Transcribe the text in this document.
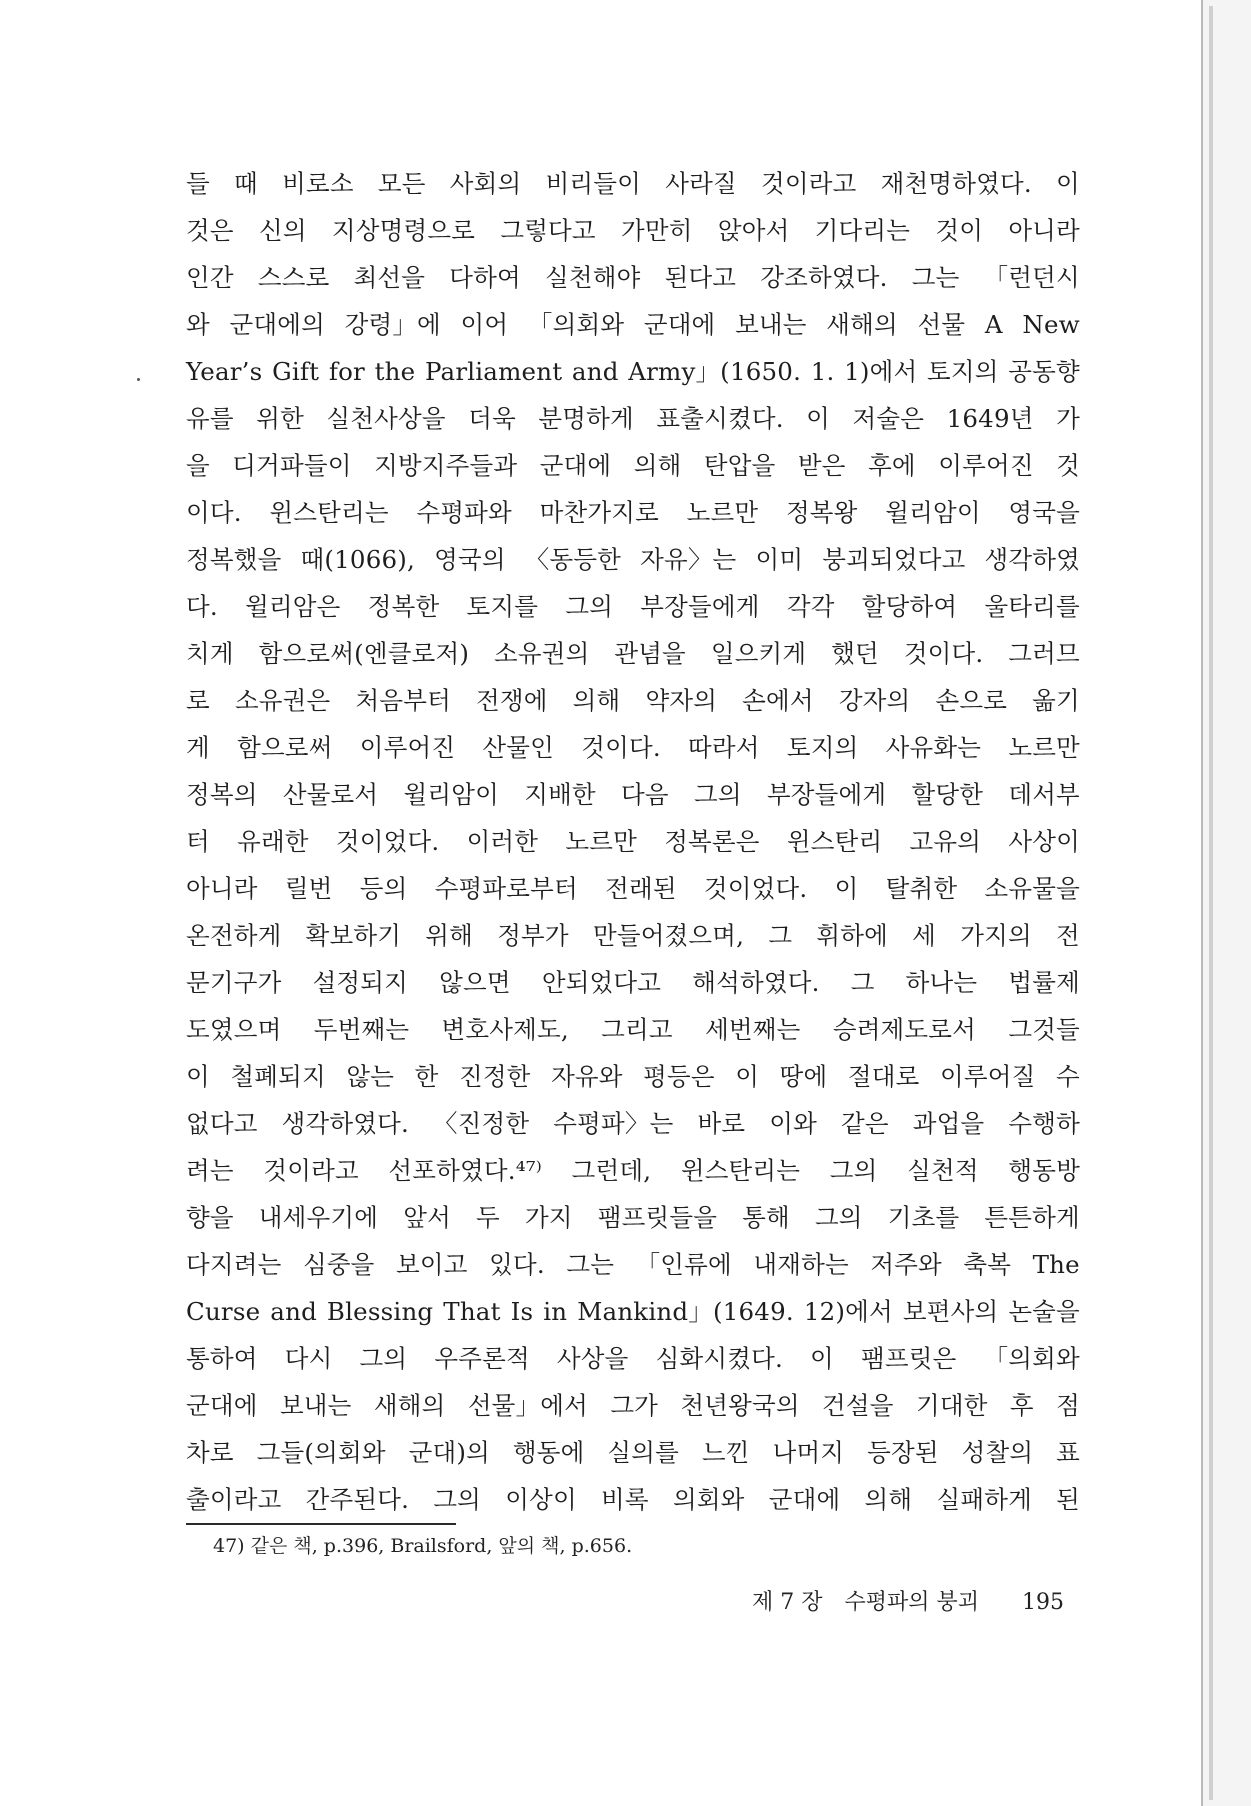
들 때 비로소 모든 사회의 비리들이 사라질 것이라고 재천명하였다. 이
것은 신의 지상명령으로 그렇다고 가만히 앉아서 기다리는 것이 아니라
인간 스스로 최선을 다하여 실천해야 된다고 강조하였다. 그는 「런던시
와 군대에의 강령」에 이어 「의회와 군대에 보내는 새해의 선물 A New
Year’s Gift for the Parliament and Army」(1650. 1. 1)에서 토지의 공동향
유를 위한 실천사상을 더욱 분명하게 표출시켰다. 이 저술은 1649년 가
을 디거파들이 지방지주들과 군대에 의해 탄압을 받은 후에 이루어진 것
이다. 윈스탄리는 수평파와 마찬가지로 노르만 정복왕 윌리암이 영국을
정복했을 때(1066), 영국의 〈동등한 자유〉는 이미 붕괴되었다고 생각하였
다. 윌리암은 정복한 토지를 그의 부장들에게 각각 할당하여 울타리를
치게 함으로써(엔클로저) 소유권의 관념을 일으키게 했던 것이다. 그러므
로 소유권은 처음부터 전쟁에 의해 약자의 손에서 강자의 손으로 옮기
게 함으로써 이루어진 산물인 것이다. 따라서 토지의 사유화는 노르만
정복의 산물로서 윌리암이 지배한 다음 그의 부장들에게 할당한 데서부
터 유래한 것이었다. 이러한 노르만 정복론은 윈스탄리 고유의 사상이
아니라 릴번 등의 수평파로부터 전래된 것이었다. 이 탈취한 소유물을
온전하게 확보하기 위해 정부가 만들어졌으며, 그 휘하에 세 가지의 전
문기구가 설정되지 않으면 안되었다고 해석하였다. 그 하나는 법률제
도였으며 두번째는 변호사제도, 그리고 세번째는 승려제도로서 그것들
이 철폐되지 않는 한 진정한 자유와 평등은 이 땅에 절대로 이루어질 수
없다고 생각하였다. 〈진정한 수평파〉는 바로 이와 같은 과업을 수행하
려는 것이라고 선포하였다.⁴⁷⁾ 그런데, 윈스탄리는 그의 실천적 행동방
향을 내세우기에 앞서 두 가지 팸프릿들을 통해 그의 기초를 튼튼하게
다지려는 심중을 보이고 있다. 그는 「인류에 내재하는 저주와 축복 The
Curse and Blessing That Is in Mankind」(1649. 12)에서 보편사의 논술을
통하여 다시 그의 우주론적 사상을 심화시켰다. 이 팸프릿은 「의회와
군대에 보내는 새해의 선물」에서 그가 천년왕국의 건설을 기대한 후 점
차로 그들(의회와 군대)의 행동에 실의를 느낀 나머지 등장된 성찰의 표
출이라고 간주된다. 그의 이상이 비록 의회와 군대에 의해 실패하게 된
47) 같은 책, p.396, Brailsford, 앞의 책, p.656.
제 7 장 수평파의 붕괴	195
